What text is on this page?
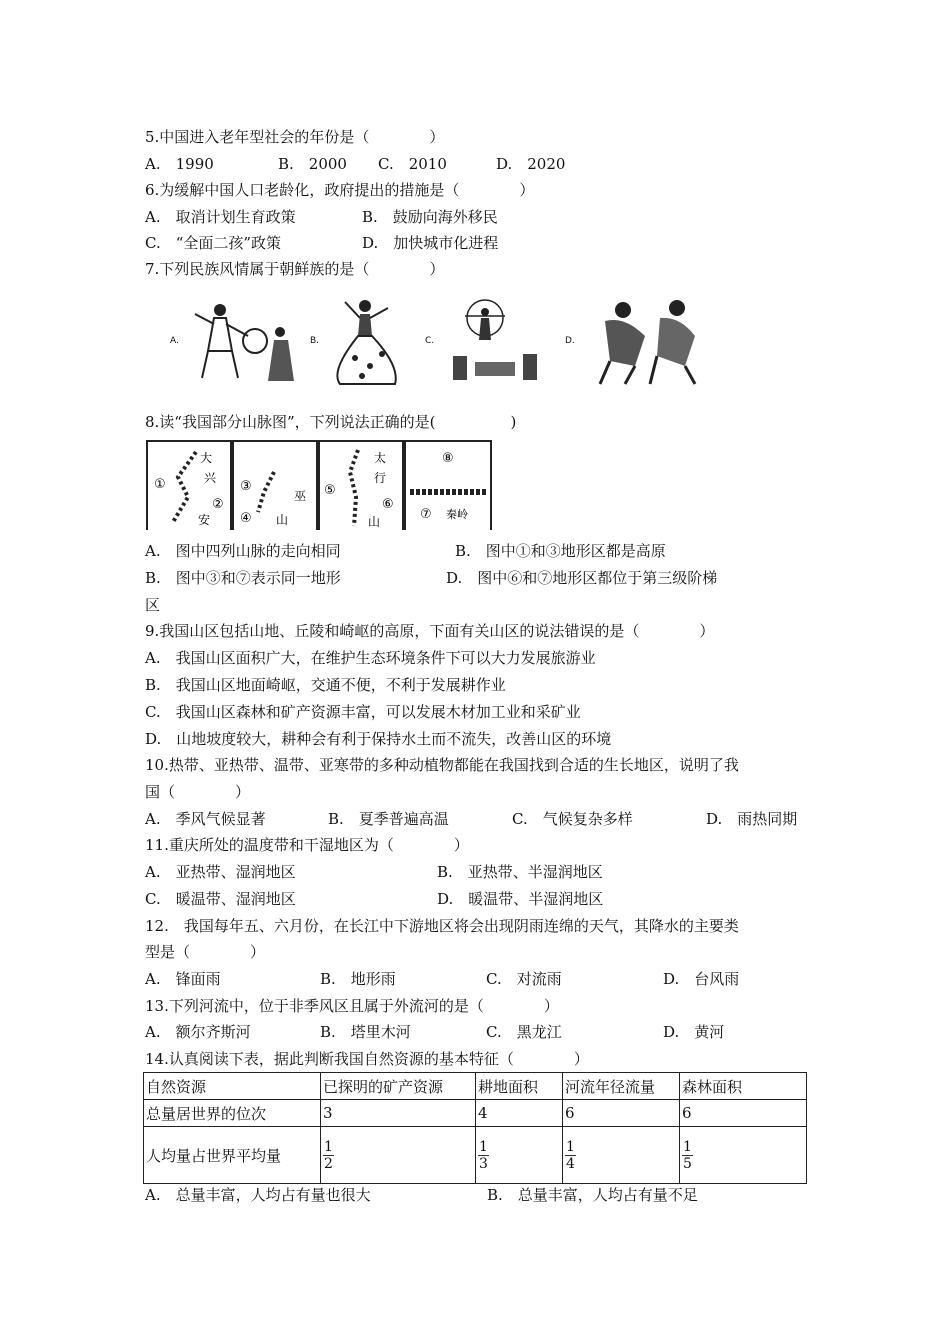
5.中国进入老年型社会的年份是（　　　　）
A.　1990	B.　2000 C.　2010	D.　2020
6.为缓解中国人口老龄化，政府提出的措施是（　　　　）
A.　取消计划生育政策	B.　鼓励向海外移民
C.　“全面二孩”政策	D.　加快城市化进程
7.下列民族风情属于朝鲜族的是（　　　　）
A.	B.	C.	D.
8.读“我国部分山脉图”，下列说法正确的是(　　　　　)
①
大
兴
安
②
巫
山
③
④
太
行
山
⑤
⑥
⑧
⑦ 秦岭
A.　图中四列山脉的走向相同	B.　图中①和③地形区都是高原
B.　图中③和⑦表示同一地形	D.　图中⑥和⑦地形区都位于第三级阶梯
区
9.我国山区包括山地、丘陵和崎岖的高原，下面有关山区的说法错误的是（　　　　）
A.　我国山区面积广大，在维护生态环境条件下可以大力发展旅游业
B.　我国山区地面崎岖，交通不便，不利于发展耕作业
C.　我国山区森林和矿产资源丰富，可以发展木材加工业和采矿业
D.　山地坡度较大，耕种会有利于保持水土而不流失，改善山区的环境
10.热带、亚热带、温带、亚寒带的多种动植物都能在我国找到合适的生长地区，说明了我
国（　　　　）
A.　季风气候显著	B.　夏季普遍高温	C.　气候复杂多样	D.　雨热同期
11.重庆所处的温度带和干湿地区为（　　　　）
A.　亚热带、湿润地区	B.　亚热带、半湿润地区
C.　暖温带、湿润地区	D.　暖温带、半湿润地区
12.　我国每年五、六月份，在长江中下游地区将会出现阴雨连绵的天气，其降水的主要类
型是（　　　　）
A.　锋面雨	B.　地形雨	C.　对流雨	D.　台风雨
13.下列河流中，位于非季风区且属于外流河的是（　　　　）
A.　额尔齐斯河	B.　塔里木河	C.　黑龙江	D.　黄河
14.认真阅读下表，据此判断我国自然资源的基本特征（　　　　）
自然资源	已探明的矿产资源	耕地面积	河流年径流量	森林面积
总量居世界的位次	3	4	6	6
人均量占世界平均量	$\frac{1}{2}$	$\frac{1}{3}$	$\frac{1}{4}$	$\frac{1}{5}$
A.　总量丰富，人均占有量也很大	B.　总量丰富，人均占有量不足
